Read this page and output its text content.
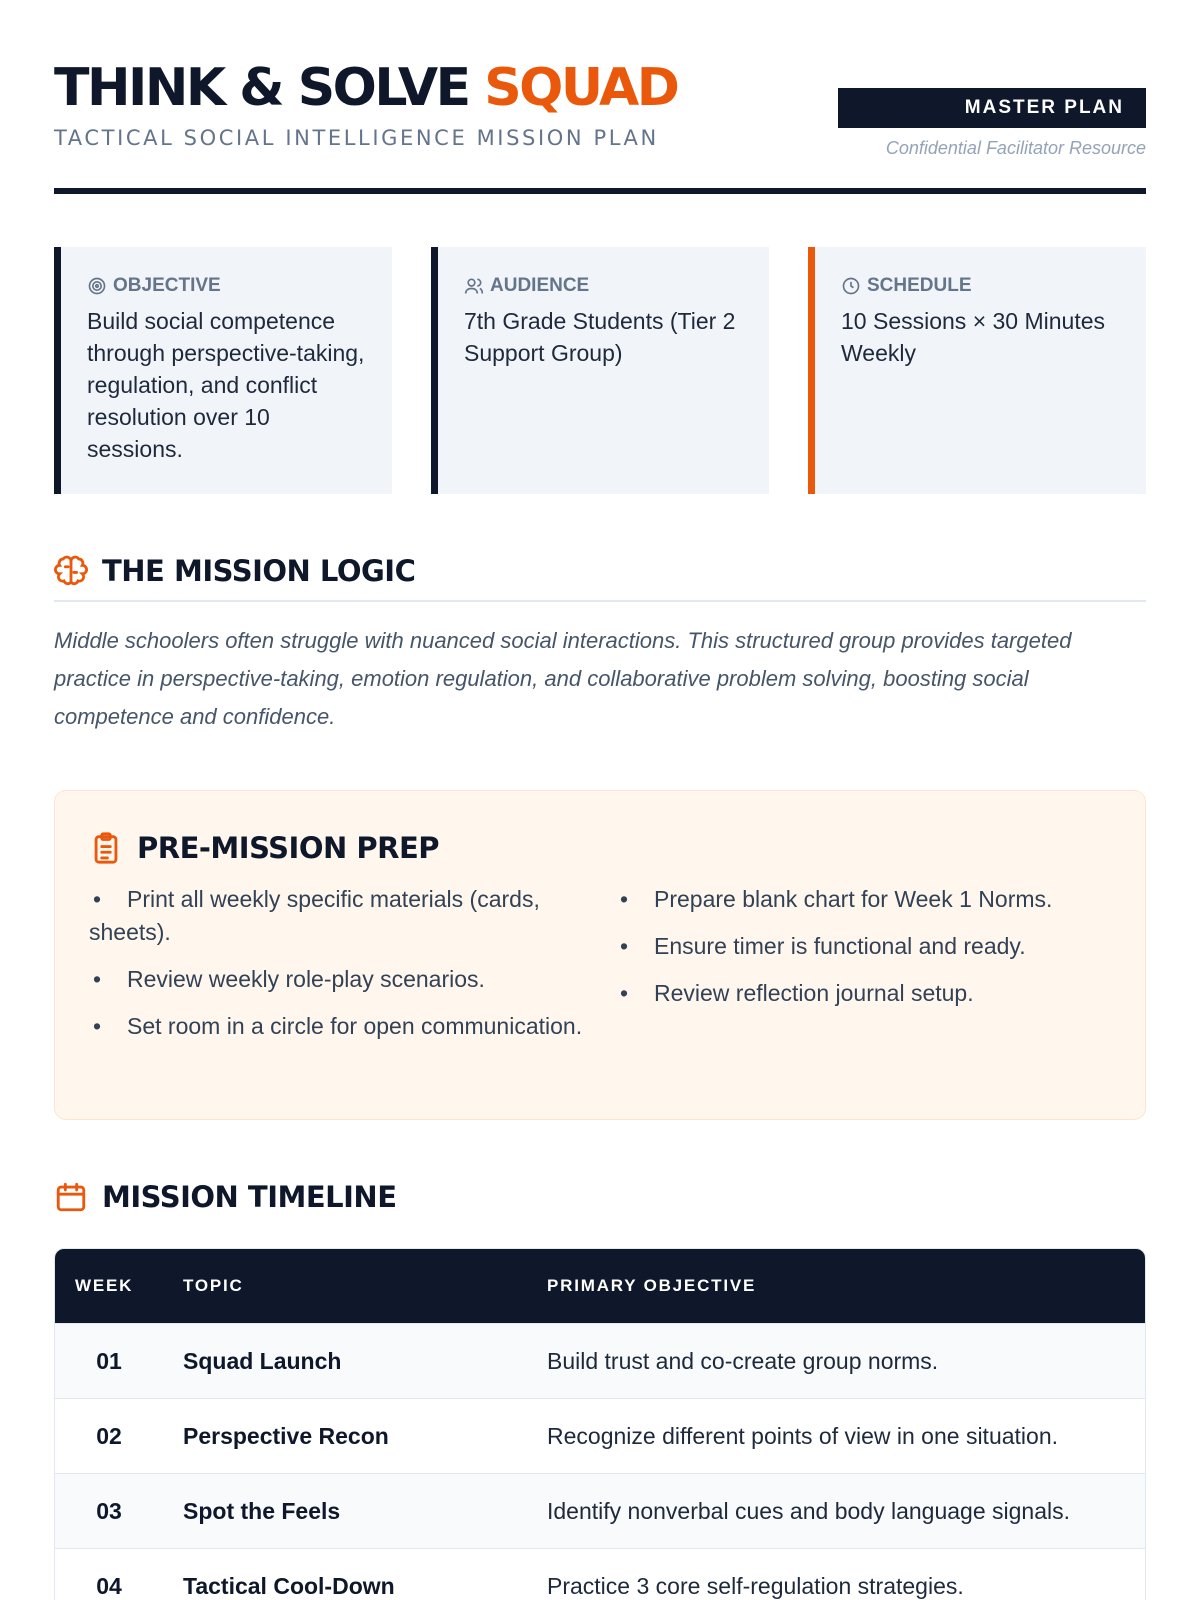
THINK & SOLVE SQUAD
TACTICAL SOCIAL INTELLIGENCE MISSION PLAN
MASTER PLAN
Confidential Facilitator Resource
OBJECTIVE
Build social competence through perspective-taking, regulation, and conflict resolution over 10 sessions.
AUDIENCE
7th Grade Students (Tier 2 Support Group)
SCHEDULE
10 Sessions × 30 Minutes Weekly
THE MISSION LOGIC
Middle schoolers often struggle with nuanced social interactions. This structured group provides targeted practice in perspective-taking, emotion regulation, and collaborative problem solving, boosting social competence and confidence.
PRE-MISSION PREP
• Print all weekly specific materials (cards, sheets).
• Review weekly role-play scenarios.
• Set room in a circle for open communication.
• Prepare blank chart for Week 1 Norms.
• Ensure timer is functional and ready.
• Review reflection journal setup.
MISSION TIMELINE
WEEK	TOPIC	PRIMARY OBJECTIVE
01	Squad Launch	Build trust and co-create group norms.
02	Perspective Recon	Recognize different points of view in one situation.
03	Spot the Feels	Identify nonverbal cues and body language signals.
04	Tactical Cool-Down	Practice 3 core self-regulation strategies.
